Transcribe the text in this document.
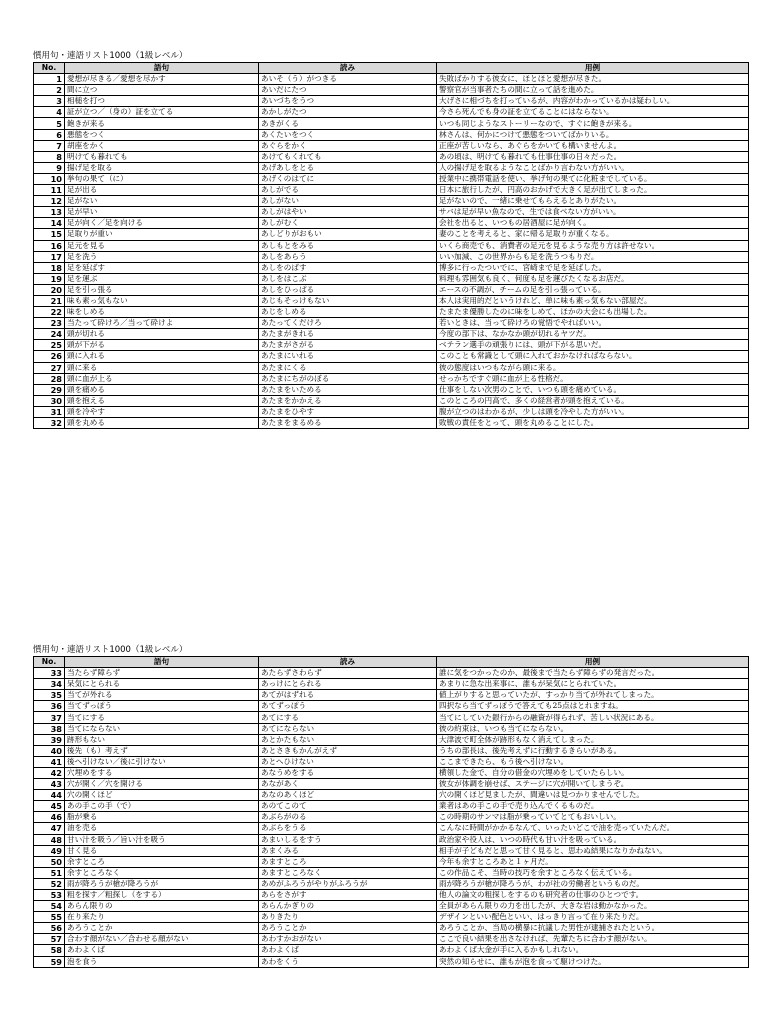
慣用句・連語リスト1000（1級レベル）
No.	語句	読み	用例
1	愛想が尽きる／愛想を尽かす	あいそ（う）がつきる	失敗ばかりする彼女に、ほとほと愛想が尽きた。
2	間に立つ	あいだにたつ	警察官が当事者たちの間に立って話を進めた。
3	相槌を打つ	あいづちをうつ	大げさに相づちを打っているが、内容がわかっているかは疑わしい。
4	証が立つ／（身の）証を立てる	あかしがたつ	今さら死んでも身の証を立てることにはならない。
5	飽きが来る	あきがくる	いつも同じようなストーリーなので、すぐに飽きが来る。
6	悪態をつく	あくたいをつく	林さんは、何かにつけて悪態をついてばかりいる。
7	胡座をかく	あぐらをかく	正座が苦しいなら、あぐらをかいても構いませんよ。
8	明けても暮れても	あけてもくれても	あの頃は、明けても暮れても仕事仕事の日々だった。
9	揚げ足を取る	あげあしをとる	人の揚げ足を取るようなことばかり言わない方がいい。
10	挙句の果て（に）	あげくのはてに	授業中に携帯電話を使い、挙げ句の果てに化粧までしている。
11	足が出る	あしがでる	日本に旅行したが、円高のおかげで大きく足が出てしまった。
12	足がない	あしがない	足がないので、一緒に乗せてもらえるとありがたい。
13	足が早い	あしがはやい	サバは足が早い魚なので、生では食べない方がいい。
14	足が向く／足を向ける	あしがむく	会社を出ると、いつもの居酒屋に足が向く。
15	足取りが重い	あしどりがおもい	妻のことを考えると、家に帰る足取りが重くなる。
16	足元を見る	あしもとをみる	いくら商売でも、消費者の足元を見るような売り方は許せない。
17	足を洗う	あしをあらう	いい加減、この世界からも足を洗うつもりだ。
18	足を延ばす	あしをのばす	博多に行ったついでに、宮崎まで足を延ばした。
19	足を運ぶ	あしをはこぶ	料理も雰囲気も良く、何度も足を運びたくなるお店だ。
20	足を引っ張る	あしをひっぱる	エースの不調が、チームの足を引っ張っている。
21	味も素っ気もない	あじもそっけもない	本人は実用的だというけれど、単に味も素っ気もない部屋だ。
22	味をしめる	あじをしめる	たまたま優勝したのに味をしめて、ほかの大会にも出場した。
23	当たって砕けろ／当って砕けよ	あたってくだけろ	若いときは、当って砕けろの覚悟でやればいい。
24	頭が切れる	あたまがきれる	今度の部下は、なかなか頭が切れるヤツだ。
25	頭が下がる	あたまがさがる	ベテラン選手の頑張りには、頭が下がる思いだ。
26	頭に入れる	あたまにいれる	このことも常識として頭に入れておかなければならない。
27	頭に来る	あたまにくる	彼の態度はいつもながら頭に来る。
28	頭に血が上る	あたまにちがのぼる	せっかちですぐ頭に血が上る性格だ。
29	頭を痛める	あたまをいためる	仕事をしない次男のことで、いつも頭を痛めている。
30	頭を抱える	あたまをかかえる	このところの円高で、多くの経営者が頭を抱えている。
31	頭を冷やす	あたまをひやす	腹が立つのはわかるが、少しは頭を冷やした方がいい。
32	頭を丸める	あたまをまるめる	敗戦の責任をとって、頭を丸めることにした。
慣用句・連語リスト1000（1級レベル）
No.	語句	読み	用例
33	当たらず障らず	あたらずさわらず	誰に気をつかったのか、最後まで当たらず障らずの発言だった。
34	呆気にとられる	あっけにとられる	あまりに急な出来事に、誰もが呆気にとられていた。
35	当てが外れる	あてがはずれる	値上がりすると思っていたが、すっかり当てが外れてしまった。
36	当てずっぽう	あてずっぽう	四択なら当てずっぽうで答えても25点はとれますね。
37	当てにする	あてにする	当てにしていた銀行からの融資が得られず、苦しい状況にある。
38	当てにならない	あてにならない	彼の約束は、いつも当てにならない。
39	跡形もない	あとかたもない	大津波で町全体が跡形もなく消えてしまった。
40	後先（も）考えず	あとさきもかんがえず	うちの部長は、後先考えずに行動するきらいがある。
41	後へ引けない／後に引けない	あとへひけない	ここまできたら、もう後へ引けない。
42	穴埋めをする	あなうめをする	横領した金で、自分の借金の穴埋めをしていたらしい。
43	穴が開く／穴を開ける	あながあく	彼女が体調を崩せば、ステージに穴が開いてしまうぞ。
44	穴の開くほど	あなのあくほど	穴の開くほど見ましたが、間違いは見つかりませんでした。
45	あの手この手（で）	あのてこのて	業者はあの手この手で売り込んでくるものだ。
46	脂が乗る	あぶらがのる	この時期のサンマは脂が乗っていてとてもおいしい。
47	油を売る	あぶらをうる	こんなに時間がかかるなんて、いったいどこで油を売っていたんだ。
48	甘い汁を吸う／旨い汁を吸う	あまいしるをすう	政治家や役人は、いつの時代も甘い汁を吸っている。
49	甘く見る	あまくみる	相手が子どもだと思って甘く見ると、思わぬ結果になりかねない。
50	余すところ	あますところ	今年も余すところあと１ヶ月だ。
51	余すところなく	あますところなく	この作品こそ、当時の技巧を余すところなく伝えている。
52	雨が降ろうが槍が降ろうが	あめがふろうがやりがふろうが	雨が降ろうが槍が降ろうが、わが社の労働者というものだ。
53	粗を探す／粗探し（をする）	あらをさがす	他人の論文の粗探しをするのも研究者の仕事のひとつです。
54	あらん限りの	あらんかぎりの	全員があらん限りの力を出したが、大きな岩は動かなかった。
55	在り来たり	ありきたり	デザインといい配色といい、はっきり言って在り来たりだ。
56	あろうことか	あろうことか	あろうことか、当局の横暴に抗議した男性が逮捕されたという。
57	合わす顔がない／合わせる顔がない	あわすかおがない	ここで良い結果を出さなければ、先輩たちに合わす顔がない。
58	あわよくば	あわよくば	あわよくば大金が手に入るかもしれない。
59	泡を食う	あわをくう	突然の知らせに、誰もが泡を食って駆けつけた。
